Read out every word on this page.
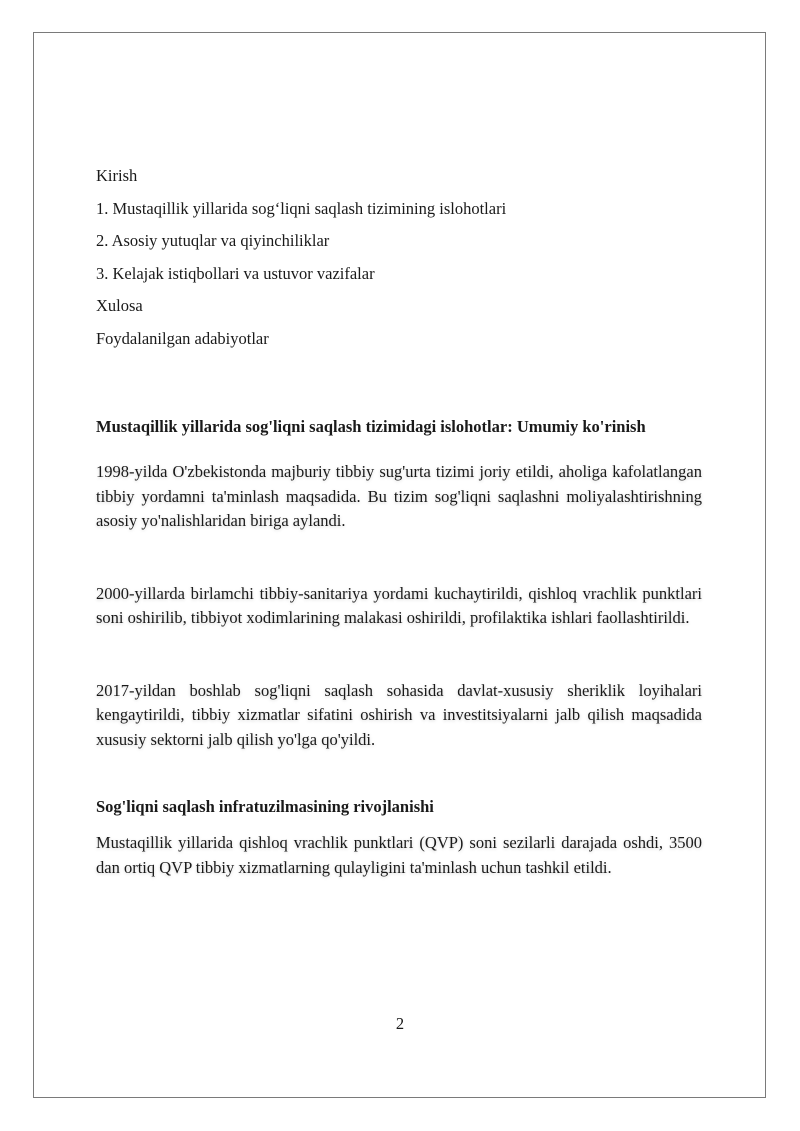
Kirish
1. Mustaqillik yillarida sog‘liqni saqlash tizimining islohotlari
2. Asosiy yutuqlar va qiyinchiliklar
3. Kelajak istiqbollari va ustuvor vazifalar
Xulosa
Foydalanilgan adabiyotlar
Mustaqillik yillarida sog'liqni saqlash tizimidagi islohotlar: Umumiy ko'rinish
1998-yilda O'zbekistonda majburiy tibbiy sug'urta tizimi joriy etildi, aholiga kafolatlangan tibbiy yordamni ta'minlash maqsadida. Bu tizim sog'liqni saqlashni moliyalashtirishning asosiy yo'nalishlaridan biriga aylandi.
2000-yillarda birlamchi tibbiy-sanitariya yordami kuchaytirildi, qishloq vrachlik punktlari soni oshirilib, tibbiyot xodimlarining malakasi oshirildi, profilaktika ishlari faollashtirildi.
2017-yildan boshlab sog'liqni saqlash sohasida davlat-xususiy sheriklik loyihalari kengaytirildi, tibbiy xizmatlar sifatini oshirish va investitsiyalarni jalb qilish maqsadida xususiy sektorni jalb qilish yo'lga qo'yildi.
Sog'liqni saqlash infratuzilmasining rivojlanishi
Mustaqillik yillarida qishloq vrachlik punktlari (QVP) soni sezilarli darajada oshdi, 3500 dan ortiq QVP tibbiy xizmatlarning qulayligini ta'minlash uchun tashkil etildi.
2
